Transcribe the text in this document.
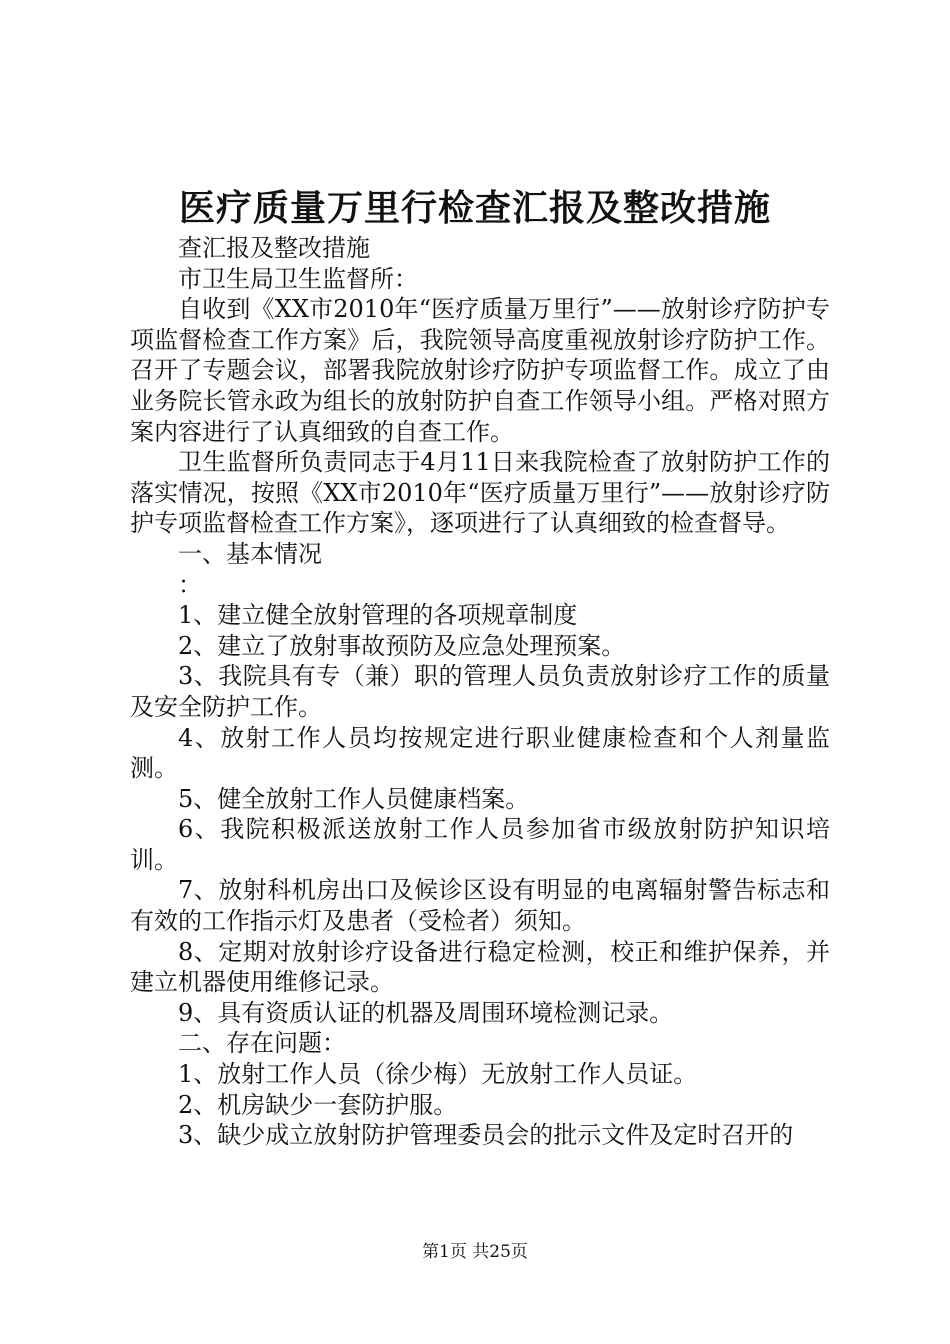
医疗质量万里行检查汇报及整改措施

查汇报及整改措施

市卫生局卫生监督所：

自收到《XX市2010年“医疗质量万里行”——放射诊疗防护专项监督检查工作方案》后，我院领导高度重视放射诊疗防护工作。召开了专题会议，部署我院放射诊疗防护专项监督工作。成立了由业务院长管永政为组长的放射防护自查工作领导小组。严格对照方案内容进行了认真细致的自查工作。

卫生监督所负责同志于4月11日来我院检查了放射防护工作的落实情况，按照《XX市2010年“医疗质量万里行”——放射诊疗防护专项监督检查工作方案》，逐项进行了认真细致的检查督导。

一、基本情况

：

1、建立健全放射管理的各项规章制度

2、建立了放射事故预防及应急处理预案。

3、我院具有专（兼）职的管理人员负责放射诊疗工作的质量及安全防护工作。

4、放射工作人员均按规定进行职业健康检查和个人剂量监测。

5、健全放射工作人员健康档案。

6、我院积极派送放射工作人员参加省市级放射防护知识培训。

7、放射科机房出口及候诊区设有明显的电离辐射警告标志和有效的工作指示灯及患者（受检者）须知。

8、定期对放射诊疗设备进行稳定检测，校正和维护保养，并建立机器使用维修记录。

9、具有资质认证的机器及周围环境检测记录。

二、存在问题：

1、放射工作人员（徐少梅）无放射工作人员证。

2、机房缺少一套防护服。

3、缺少成立放射防护管理委员会的批示文件及定时召开的

第1页 共25页
